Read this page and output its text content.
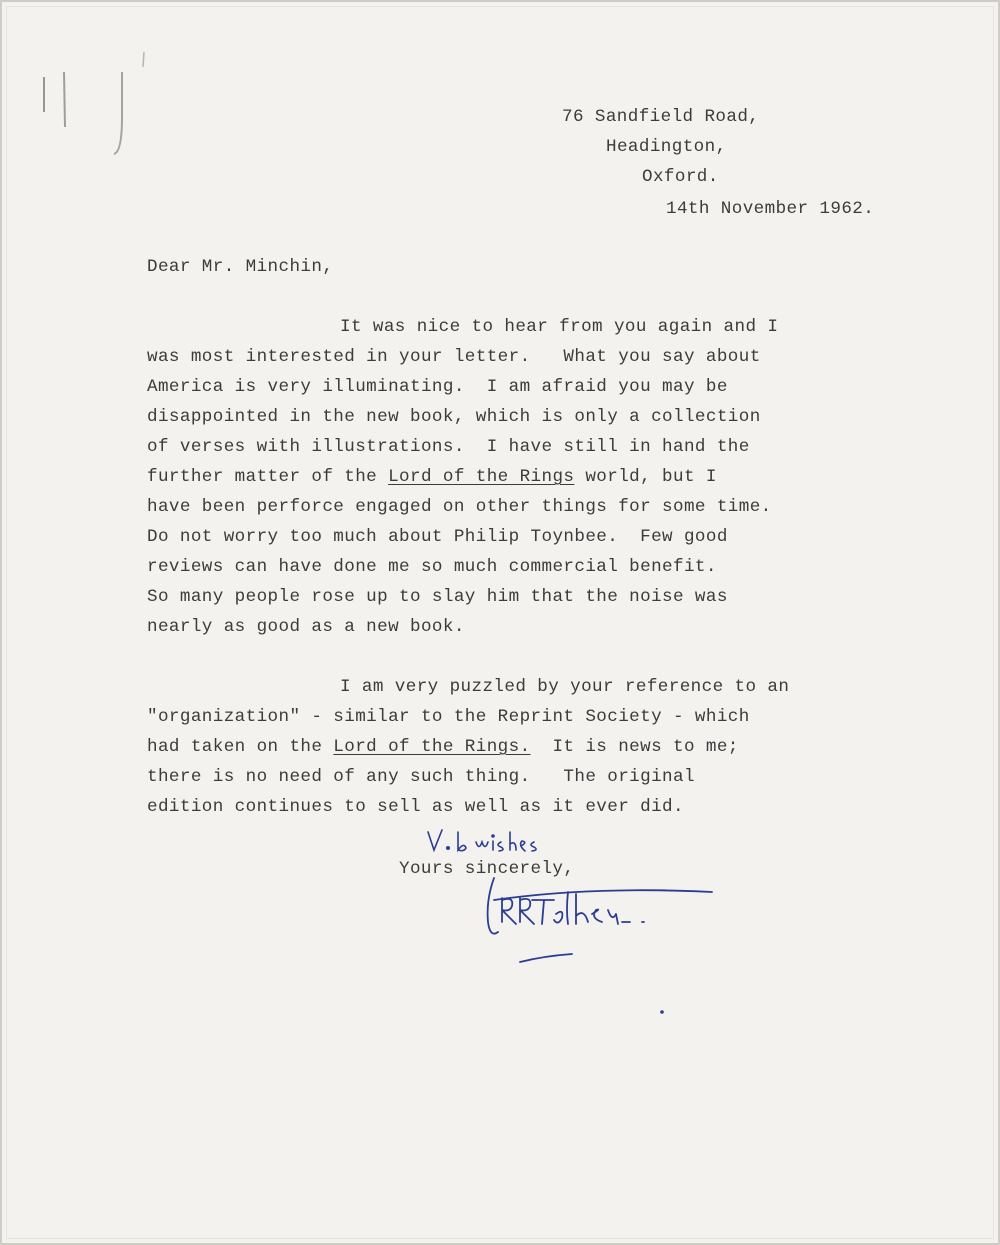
76 Sandfield Road,

Headington,

Oxford.

14th November 1962.

Dear Mr. Minchin,

It was nice to hear from you again and I

was most interested in your letter.   What you say about

America is very illuminating.  I am afraid you may be

disappointed in the new book, which is only a collection

of verses with illustrations.  I have still in hand the

further matter of the Lord of the Rings world, but I

have been perforce engaged on other things for some time.

Do not worry too much about Philip Toynbee.  Few good

reviews can have done me so much commercial benefit.

So many people rose up to slay him that the noise was

nearly as good as a new book.

I am very puzzled by your reference to an

"organization" - similar to the Reprint Society - which

had taken on the Lord of the Rings.  It is news to me;

there is no need of any such thing.   The original

edition continues to sell as well as it ever did.

Yours sincerely,
